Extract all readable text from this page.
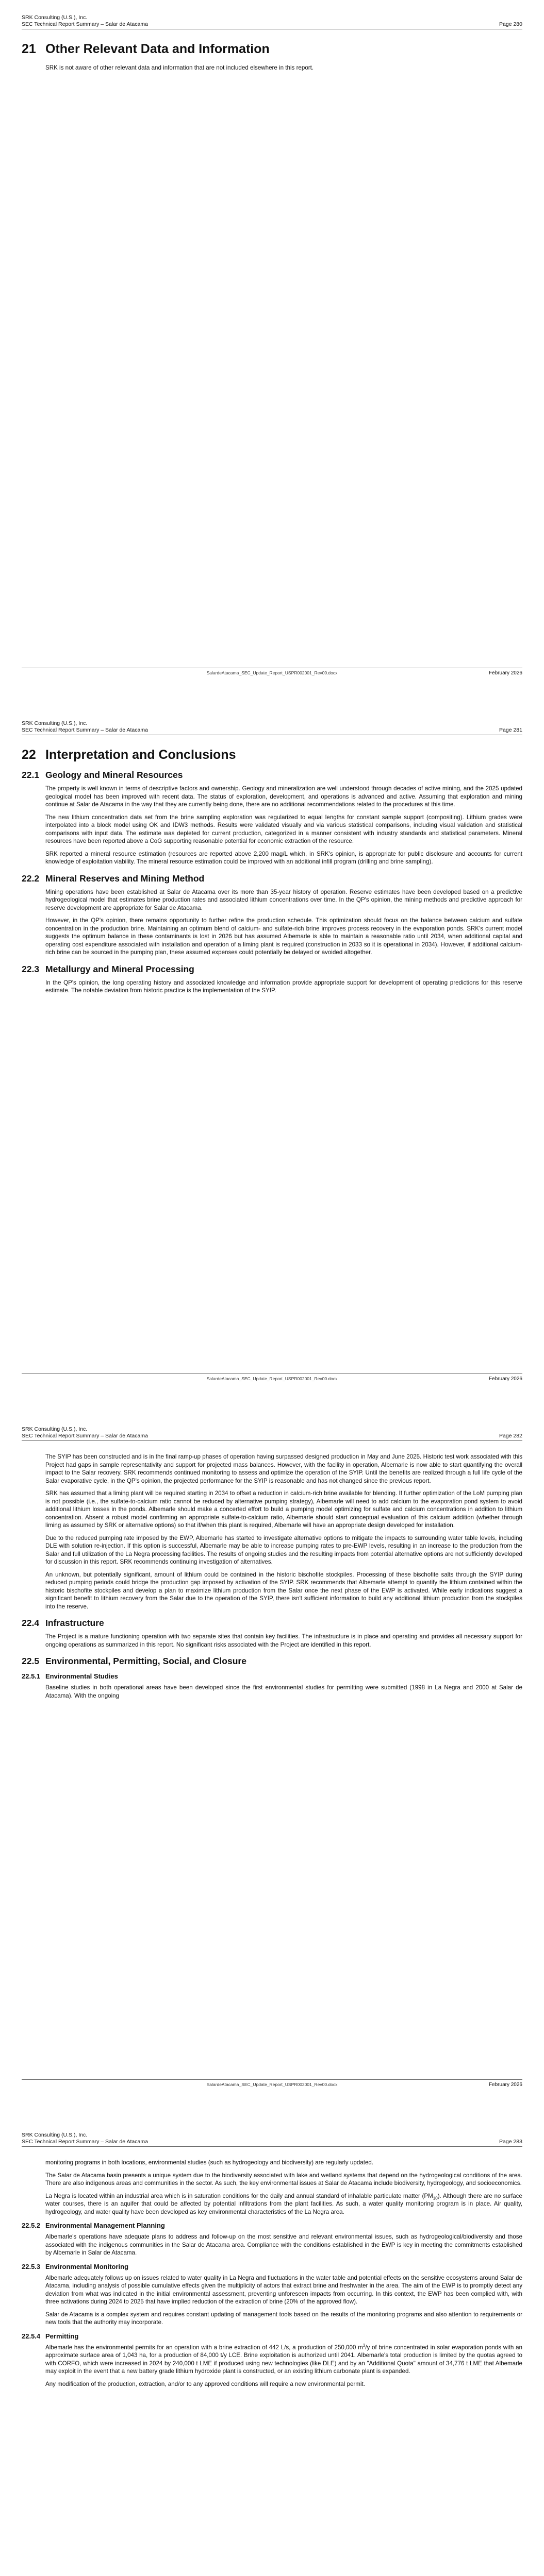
SRK Consulting (U.S.), Inc.
SEC Technical Report Summary – Salar de Atacama	Page 280
21 Other Relevant Data and Information

SRK is not aware of other relevant data and information that are not included elsewhere in this report.

SalardeAtacama_SEC_Update_Report_USPR002001_Rev00.docx	February 2026
SRK Consulting (U.S.), Inc.
SEC Technical Report Summary – Salar de Atacama	Page 281
22 Interpretation and Conclusions
22.1 Geology and Mineral Resources

The property is well known in terms of descriptive factors and ownership. Geology and mineralization are well understood through decades of active mining, and the 2025 updated geological model has been improved with recent data. The status of exploration, development, and operations is advanced and active. Assuming that exploration and mining continue at Salar de Atacama in the way that they are currently being done, there are no additional recommendations related to the procedures at this time.

The new lithium concentration data set from the brine sampling exploration was regularized to equal lengths for constant sample support (compositing). Lithium grades were interpolated into a block model using OK and IDW3 methods. Results were validated visually and via various statistical comparisons, including visual validation and statistical comparisons with input data. The estimate was depleted for current production, categorized in a manner consistent with industry standards and statistical parameters. Mineral resources have been reported above a CoG supporting reasonable potential for economic extraction of the resource.

SRK reported a mineral resource estimation (resources are reported above 2,200 mag/L which, in SRK's opinion, is appropriate for public disclosure and accounts for current knowledge of exploitation viability. The mineral resource estimation could be improved with an additional infill program (drilling and brine sampling).

22.2 Mineral Reserves and Mining Method

Mining operations have been established at Salar de Atacama over its more than 35-year history of operation. Reserve estimates have been developed based on a predictive hydrogeological model that estimates brine production rates and associated lithium concentrations over time. In the QP's opinion, the mining methods and predictive approach for reserve development are appropriate for Salar de Atacama.

However, in the QP's opinion, there remains opportunity to further refine the production schedule. This optimization should focus on the balance between calcium and sulfate concentration in the production brine. Maintaining an optimum blend of calcium- and sulfate-rich brine improves process recovery in the evaporation ponds. SRK's current model suggests the optimum balance in these contaminants is lost in 2026 but has assumed Albemarle is able to maintain a reasonable ratio until 2034, when additional capital and operating cost expenditure associated with installation and operation of a liming plant is required (construction in 2033 so it is operational in 2034). However, if additional calcium-rich brine can be sourced in the pumping plan, these assumed expenses could potentially be delayed or avoided altogether.

22.3 Metallurgy and Mineral Processing

In the QP's opinion, the long operating history and associated knowledge and information provide appropriate support for development of operating predictions for this reserve estimate. The notable deviation from historic practice is the implementation of the SYIP.

SalardeAtacama_SEC_Update_Report_USPR002001_Rev00.docx	February 2026
SRK Consulting (U.S.), Inc.
SEC Technical Report Summary – Salar de Atacama	Page 282

The SYIP has been constructed and is in the final ramp-up phases of operation having surpassed designed production in May and June 2025. Historic test work associated with this Project had gaps in sample representativity and support for projected mass balances. However, with the facility in operation, Albemarle is now able to start quantifying the overall impact to the Salar recovery. SRK recommends continued monitoring to assess and optimize the operation of the SYIP. Until the benefits are realized through a full life cycle of the Salar evaporative cycle, in the QP's opinion, the projected performance for the SYIP is reasonable and has not changed since the previous report.

SRK has assumed that a liming plant will be required starting in 2034 to offset a reduction in calcium-rich brine available for blending. If further optimization of the LoM pumping plan is not possible (i.e., the sulfate-to-calcium ratio cannot be reduced by alternative pumping strategy), Albemarle will need to add calcium to the evaporation pond system to avoid additional lithium losses in the ponds. Albemarle should make a concerted effort to build a pumping model optimizing for sulfate and calcium concentrations in addition to lithium concentration. Absent a robust model confirming an appropriate sulfate-to-calcium ratio, Albemarle should start conceptual evaluation of this calcium addition (whether through liming as assumed by SRK or alternative options) so that if/when this plant is required, Albemarle will have an appropriate design developed for installation.

Due to the reduced pumping rate imposed by the EWP, Albemarle has started to investigate alternative options to mitigate the impacts to surrounding water table levels, including DLE with solution re-injection. If this option is successful, Albemarle may be able to increase pumping rates to pre-EWP levels, resulting in an increase to the production from the Salar and full utilization of the La Negra processing facilities. The results of ongoing studies and the resulting impacts from potential alternative options are not sufficiently developed for discussion in this report. SRK recommends continuing investigation of alternatives.

An unknown, but potentially significant, amount of lithium could be contained in the historic bischofite stockpiles. Processing of these bischofite salts through the SYIP during reduced pumping periods could bridge the production gap imposed by activation of the SYIP. SRK recommends that Albemarle attempt to quantify the lithium contained within the historic bischofite stockpiles and develop a plan to maximize lithium production from the Salar once the next phase of the EWP is activated. While early indications suggest a significant benefit to lithium recovery from the Salar due to the operation of the SYIP, there isn't sufficient information to build any additional lithium production from the stockpiles into the reserve.

22.4 Infrastructure

The Project is a mature functioning operation with two separate sites that contain key facilities. The infrastructure is in place and operating and provides all necessary support for ongoing operations as summarized in this report. No significant risks associated with the Project are identified in this report.

22.5 Environmental, Permitting, Social, and Closure
22.5.1 Environmental Studies

Baseline studies in both operational areas have been developed since the first environmental studies for permitting were submitted (1998 in La Negra and 2000 at Salar de Atacama). With the ongoing

SalardeAtacama_SEC_Update_Report_USPR002001_Rev00.docx	February 2026
SRK Consulting (U.S.), Inc.
SEC Technical Report Summary – Salar de Atacama	Page 283

monitoring programs in both locations, environmental studies (such as hydrogeology and biodiversity) are regularly updated.

The Salar de Atacama basin presents a unique system due to the biodiversity associated with lake and wetland systems that depend on the hydrogeological conditions of the area. There are also indigenous areas and communities in the sector. As such, the key environmental issues at Salar de Atacama include biodiversity, hydrogeology, and socioeconomics.

La Negra is located within an industrial area which is in saturation conditions for the daily and annual standard of inhalable particulate matter $(PM_{10})$. Although there are no surface water courses, there is an aquifer that could be affected by potential infiltrations from the plant facilities. As such, a water quality monitoring program is in place. Air quality, hydrogeology, and water quality have been developed as key environmental characteristics of the La Negra area.

22.5.2 Environmental Management Planning

Albemarle's operations have adequate plans to address and follow-up on the most sensitive and relevant environmental issues, such as hydrogeological/biodiversity and those associated with the indigenous communities in the Salar de Atacama area. Compliance with the conditions established in the EWP is key in meeting the commitments established by Albemarle in Salar de Atacama.

22.5.3 Environmental Monitoring

Albemarle adequately follows up on issues related to water quality in La Negra and fluctuations in the water table and potential effects on the sensitive ecosystems around Salar de Atacama, including analysis of possible cumulative effects given the multiplicity of actors that extract brine and freshwater in the area. The aim of the EWP is to promptly detect any deviation from what was indicated in the initial environmental assessment, preventing unforeseen impacts from occurring. In this context, the EWP has been complied with, with three activations during 2024 to 2025 that have implied reduction of the extraction of brine (20% of the approved flow).

Salar de Atacama is a complex system and requires constant updating of management tools based on the results of the monitoring programs and also attention to requirements or new tools that the authority may incorporate.

22.5.4 Permitting

Albemarle has the environmental permits for an operation with a brine extraction of 442 L/s, a production of 250,000 $m^3/y$ of brine concentrated in solar evaporation ponds with an approximate surface area of 1,043 ha, for a production of 84,000 t/y LCE. Brine exploitation is authorized until 2041. Albemarle's total production is limited by the quotas agreed to with CORFO, which were increased in 2024 by 240,000 t LME if produced using new technologies (like DLE) and by an "Additional Quota" amount of 34,776 t LME that Albemarle may exploit in the event that a new battery grade lithium hydroxide plant is constructed, or an existing lithium carbonate plant is expanded.

Any modification of the production, extraction, and/or to any approved conditions will require a new environmental permit.
